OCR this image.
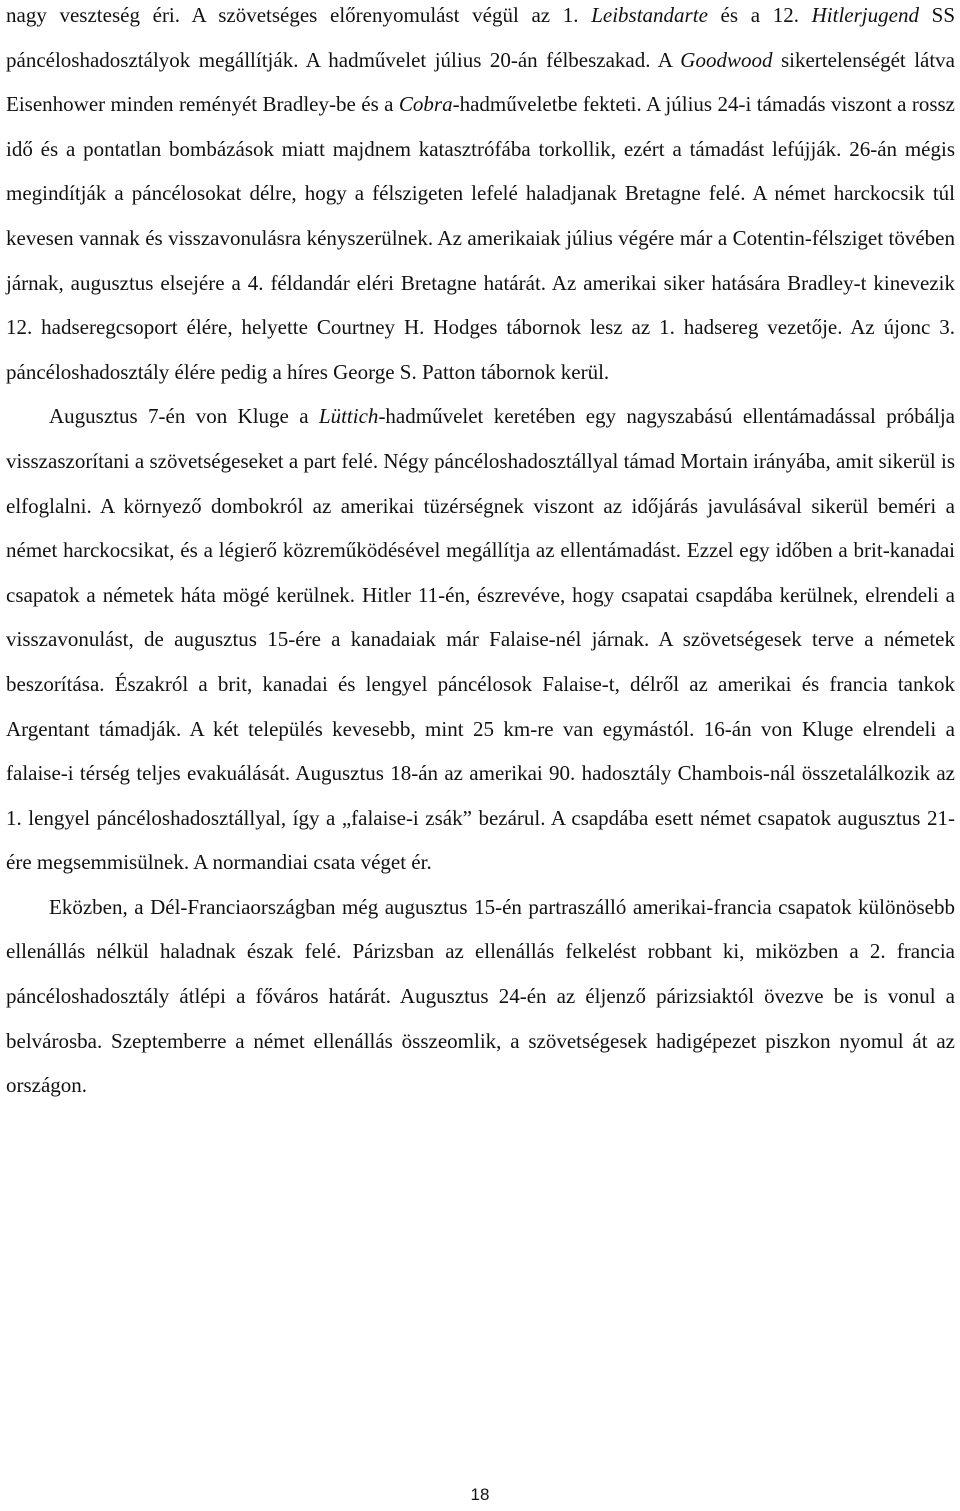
nagy veszteség éri. A szövetséges előrenyomulást végül az 1. Leibstandarte és a 12. Hitlerjugend SS páncéloshadosztályok megállítják. A hadművelet július 20-án félbeszakad. A Goodwood sikertelenségét látva Eisenhower minden reményét Bradley-be és a Cobra-hadműveletbe fekteti. A július 24-i támadás viszont a rossz idő és a pontatlan bombázások miatt majdnem katasztrófába torkollik, ezért a támadást lefújják. 26-án mégis megindítják a páncélosokat délre, hogy a félszigeten lefelé haladjanak Bretagne felé. A német harckocsik túl kevesen vannak és visszavonulásra kényszerülnek. Az amerikaiak július végére már a Cotentin-félsziget tövében járnak, augusztus elsejére a 4. féldandár eléri Bretagne határát. Az amerikai siker hatására Bradley-t kinevezik 12. hadseregcsoport élére, helyette Courtney H. Hodges tábornok lesz az 1. hadsereg vezetője. Az újonc 3. páncéloshadosztály élére pedig a híres George S. Patton tábornok kerül.

Augusztus 7-én von Kluge a Lüttich-hadművelet keretében egy nagyszabású ellentámadással próbálja visszaszorítani a szövetségeseket a part felé. Négy páncéloshadosztállyal támad Mortain irányába, amit sikerül is elfoglalni. A környező dombokról az amerikai tüzérségnek viszont az időjárás javulásával sikerül beméri a német harckocsikat, és a légierő közreműködésével megállítja az ellentámadást. Ezzel egy időben a brit-kanadai csapatok a németek háta mögé kerülnek. Hitler 11-én, észrevéve, hogy csapatai csapdába kerülnek, elrendeli a visszavonulást, de augusztus 15-ére a kanadaiak már Falaise-nél járnak. A szövetségesek terve a németek beszorítása. Északról a brit, kanadai és lengyel páncélosok Falaise-t, délről az amerikai és francia tankok Argentant támadják. A két település kevesebb, mint 25 km-re van egymástól. 16-án von Kluge elrendeli a falaise-i térség teljes evakuálását. Augusztus 18-án az amerikai 90. hadosztály Chambois-nál összetalálkozik az 1. lengyel páncéloshadosztállyal, így a „falaise-i zsák” bezárul. A csapdába esett német csapatok augusztus 21-ére megsemmisülnek. A normandiai csata véget ér.

Eközben, a Dél-Franciaországban még augusztus 15-én partraszálló amerikai-francia csapatok különösebb ellenállás nélkül haladnak észak felé. Párizsban az ellenállás felkelést robbant ki, miközben a 2. francia páncéloshadosztály átlépi a főváros határát. Augusztus 24-én az éljenző párizsiaktól övezve be is vonul a belvárosba. Szeptemberre a német ellenállás összeomlik, a szövetségesek hadigépezet piszkon nyomul át az országon.

18
